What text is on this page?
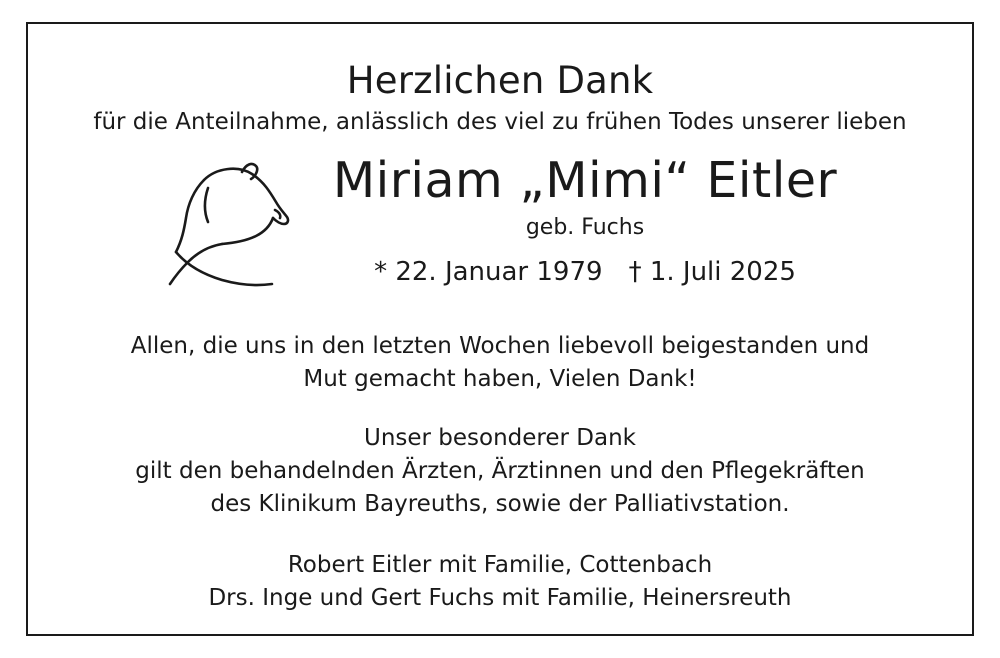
Herzlichen Dank
für die Anteilnahme, anlässlich des viel zu frühen Todes unserer lieben
Miriam „Mimi“ Eitler
geb. Fuchs
* 22. Januar 1979 † 1. Juli 2025
Allen, die uns in den letzten Wochen liebevoll beigestanden und
Mut gemacht haben, Vielen Dank!
Unser besonderer Dank
gilt den behandelnden Ärzten, Ärztinnen und den Pflegekräften
des Klinikum Bayreuths, sowie der Palliativstation.
Robert Eitler mit Familie, Cottenbach
Drs. Inge und Gert Fuchs mit Familie, Heinersreuth
